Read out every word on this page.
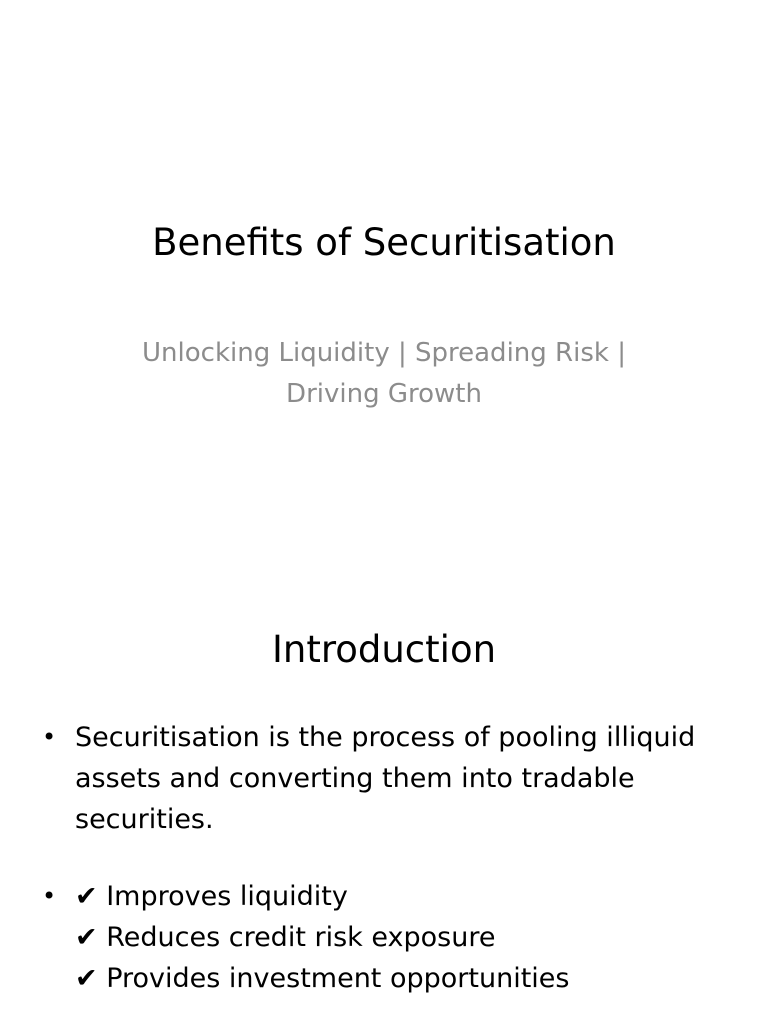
Benefits of Securitisation

Unlocking Liquidity | Spreading Risk |
Driving Growth

Introduction
• Securitisation is the process of pooling illiquid
assets and converting them into tradable
securities.
• ✔ Improves liquidity
✔ Reduces credit risk exposure
✔ Provides investment opportunities
